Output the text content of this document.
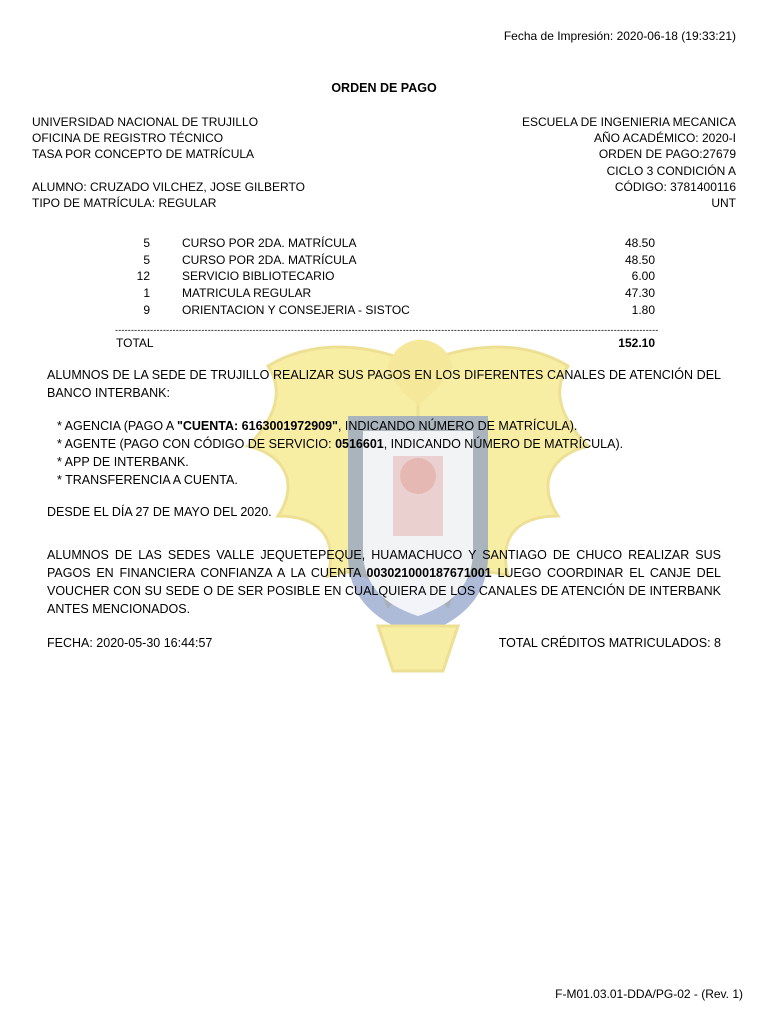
Fecha de Impresión: 2020-06-18 (19:33:21)
ORDEN DE PAGO
UNIVERSIDAD NACIONAL DE TRUJILLO
OFICINA DE REGISTRO TÉCNICO
TASA POR CONCEPTO DE MATRÍCULA
ALUMNO: CRUZADO VILCHEZ, JOSE GILBERTO
TIPO DE MATRÍCULA: REGULAR
ESCUELA DE INGENIERIA MECANICA
AÑO ACADÉMICO: 2020-I
ORDEN DE PAGO:27679
CICLO 3 CONDICIÓN A
CÓDIGO: 3781400116
UNT
5	CURSO POR 2DA. MATRÍCULA	48.50
5	CURSO POR 2DA. MATRÍCULA	48.50
12	SERVICIO BIBLIOTECARIO	6.00
1	MATRICULA REGULAR	47.30
9	ORIENTACION Y CONSEJERIA - SISTOC	1.80
--------------------------------------------------------------------------------------------------------------------------------------------------------------------------
TOTAL	152.10
ALUMNOS DE LA SEDE DE TRUJILLO REALIZAR SUS PAGOS EN LOS DIFERENTES CANALES DE ATENCIÓN DEL BANCO INTERBANK:
* AGENCIA (PAGO A "CUENTA: 6163001972909", INDICANDO NÚMERO DE MATRÍCULA).
* AGENTE (PAGO CON CÓDIGO DE SERVICIO: 0516601, INDICANDO NÚMERO DE MATRÍCULA).
* APP DE INTERBANK.
* TRANSFERENCIA A CUENTA.
DESDE EL DÍA 27 DE MAYO DEL 2020.
ALUMNOS DE LAS SEDES VALLE JEQUETEPEQUE, HUAMACHUCO Y SANTIAGO DE CHUCO REALIZAR SUS PAGOS EN FINANCIERA CONFIANZA A LA CUENTA 003021000187671001 LUEGO COORDINAR EL CANJE DEL VOUCHER CON SU SEDE O DE SER POSIBLE EN CUALQUIERA DE LOS CANALES DE ATENCIÓN DE INTERBANK ANTES MENCIONADOS.
FECHA: 2020-05-30 16:44:57	TOTAL CRÉDITOS MATRICULADOS: 8
F-M01.03.01-DDA/PG-02 - (Rev. 1)
